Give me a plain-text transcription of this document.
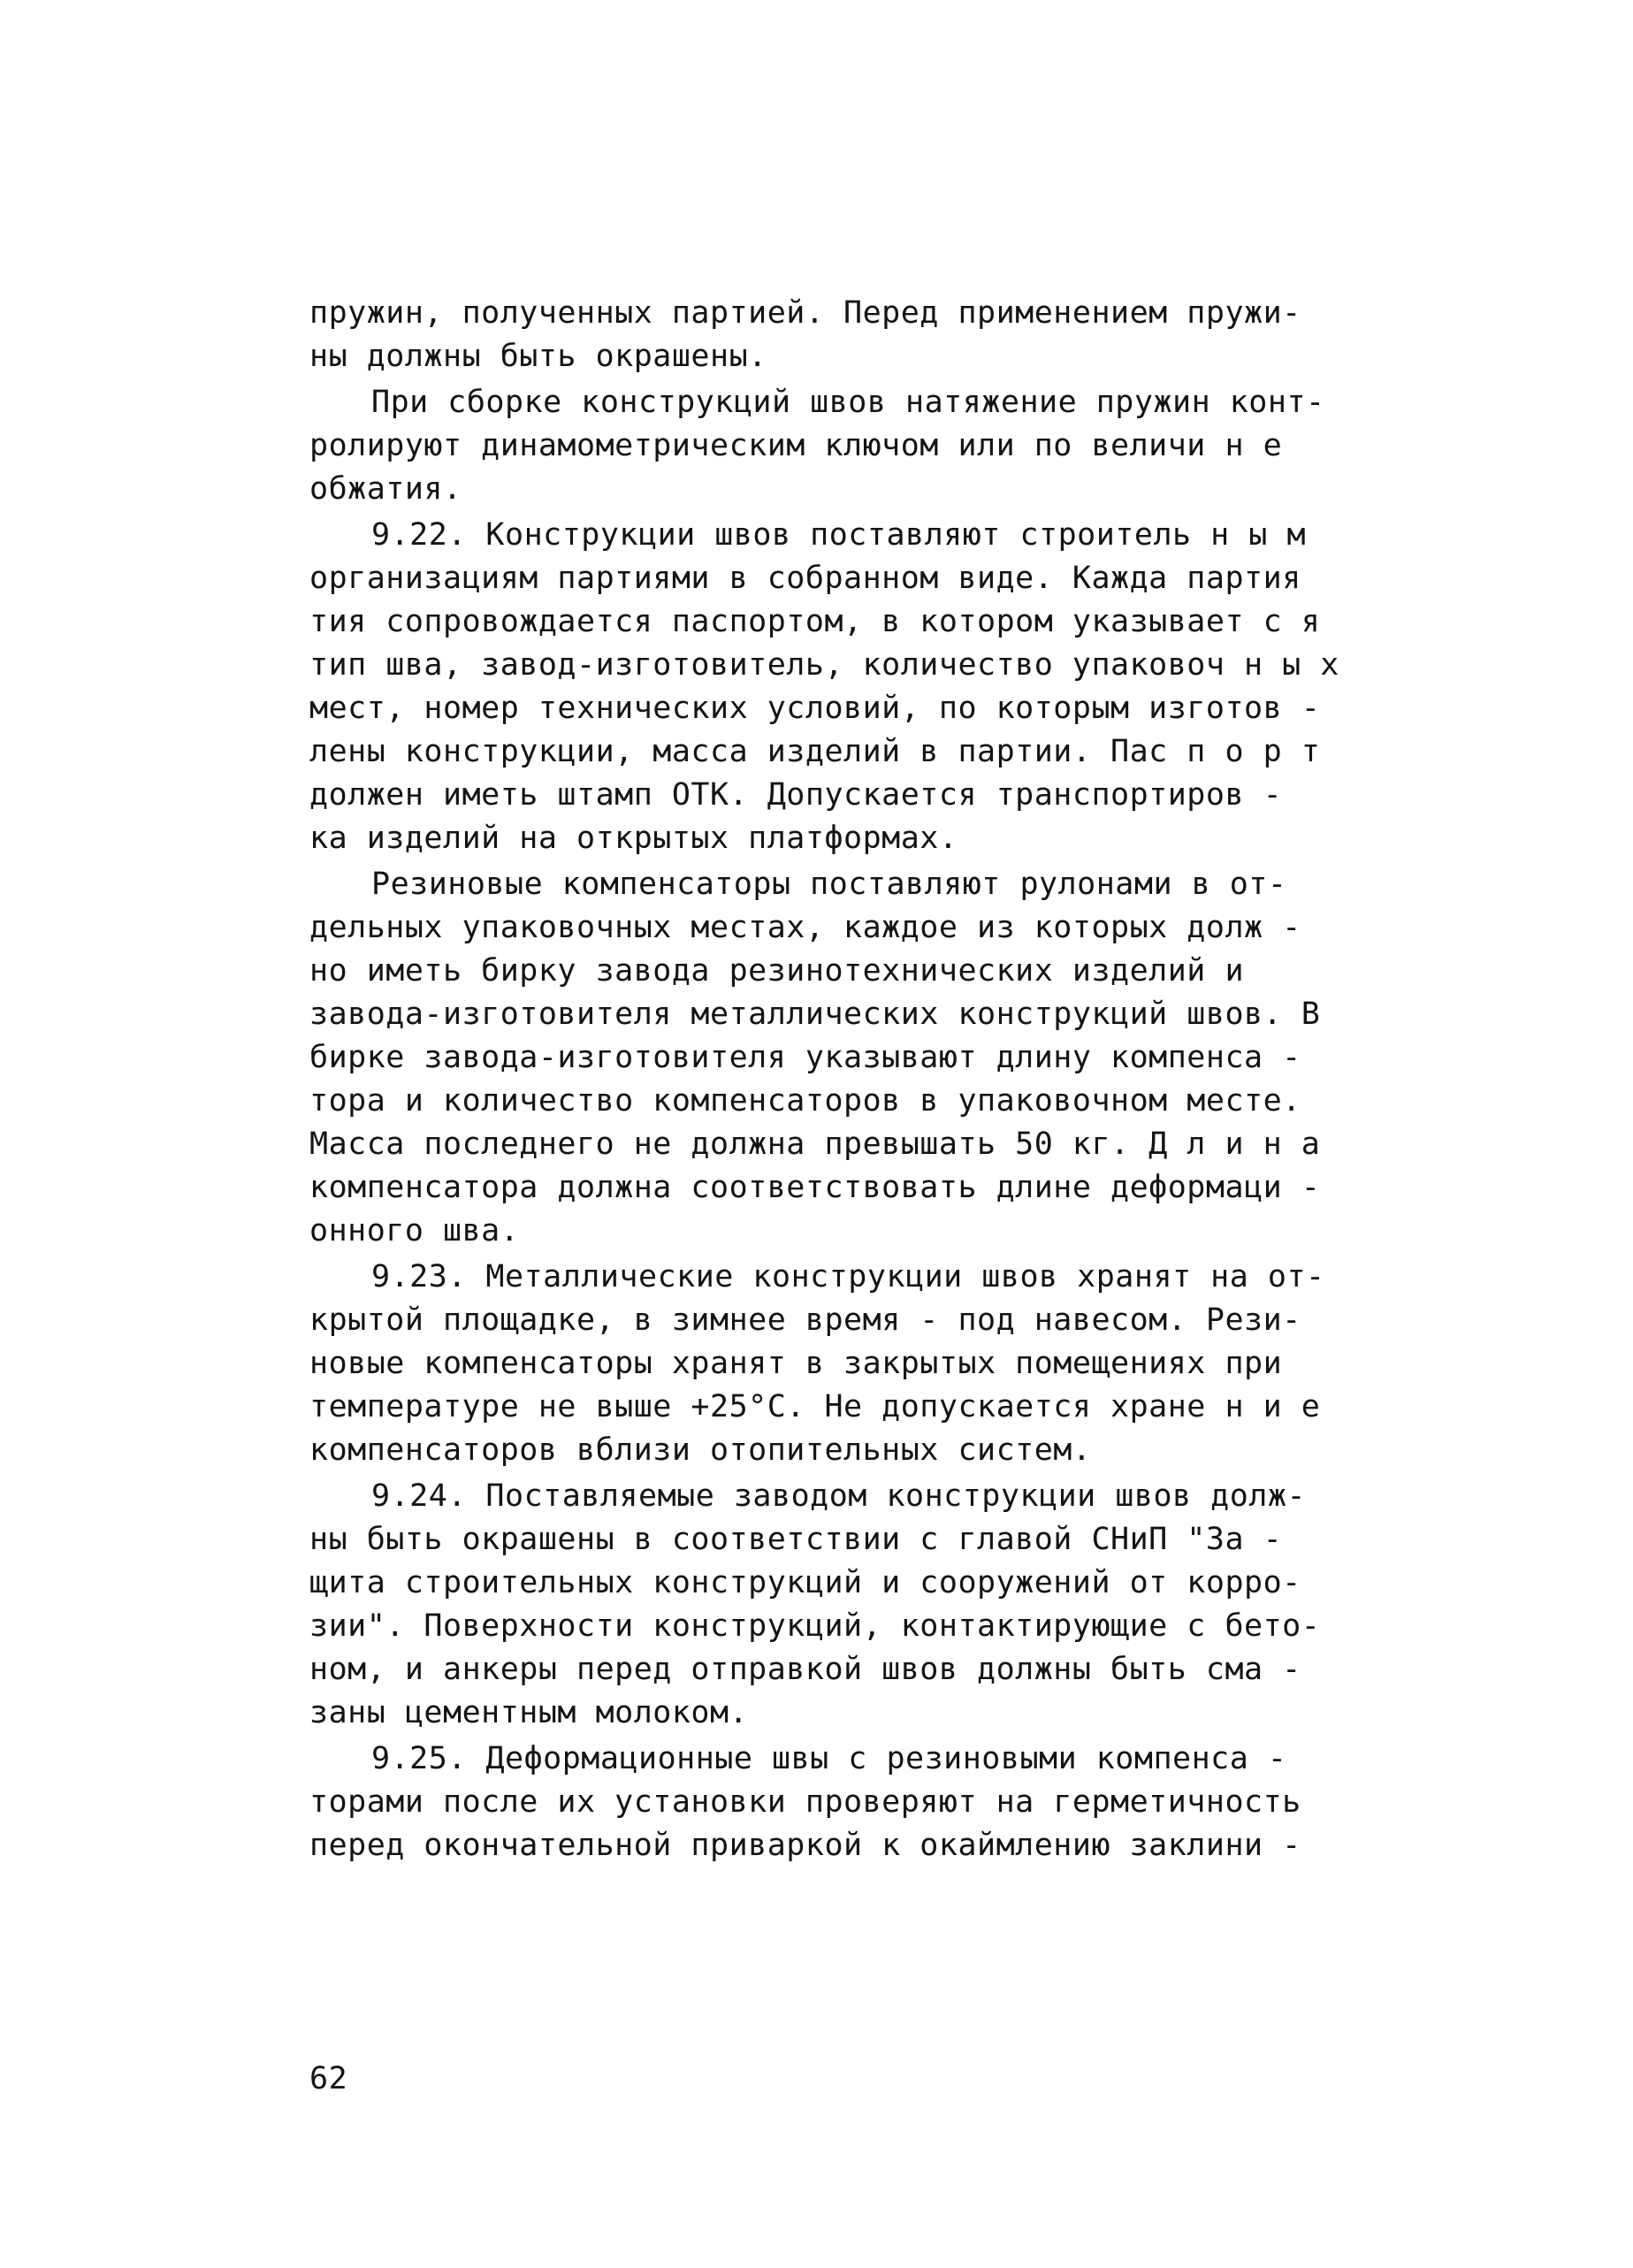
пружин, полученных партией. Перед применением пружи-
ны должны быть окрашены.
При сборке конструкций швов натяжение пружин конт-
ролируют динамометрическим ключом или по величи н е
обжатия.
9.22. Конструкции швов поставляют строитель н ы м
организациям партиями в собранном виде. Кажда партия
тия сопровождается паспортом, в котором указывает с я
тип шва, завод-изготовитель, количество упаковоч н ы х
мест, номер технических условий, по которым изготов -
лены конструкции, масса изделий в партии. Пас п о р т
должен иметь штамп ОТК. Допускается транспортиров -
ка изделий на открытых платформах.
Резиновые компенсаторы поставляют рулонами в от-
дельных упаковочных местах, каждое из которых долж -
но иметь бирку завода резинотехнических изделий и
завода-изготовителя металлических конструкций швов. В
бирке завода-изготовителя указывают длину компенса -
тора и количество компенсаторов в упаковочном месте.
Масса последнего не должна превышать 50 кг. Д л и н а
компенсатора должна соответствовать длине деформаци -
онного шва.
9.23. Металлические конструкции швов хранят на от-
крытой площадке, в зимнее время - под навесом. Рези-
новые компенсаторы хранят в закрытых помещениях при
температуре не выше +25°С. Не допускается хране н и е
компенсаторов вблизи отопительных систем.
9.24. Поставляемые заводом конструкции швов долж-
ны быть окрашены в соответствии с главой СНиП "За -
щита строительных конструкций и сооружений от корро-
зии". Поверхности конструкций, контактирующие с бето-
ном, и анкеры перед отправкой швов должны быть сма -
заны цементным молоком.
9.25. Деформационные швы с резиновыми компенса -
торами после их установки проверяют на герметичность
перед окончательной приваркой к окаймлению заклини -
62
